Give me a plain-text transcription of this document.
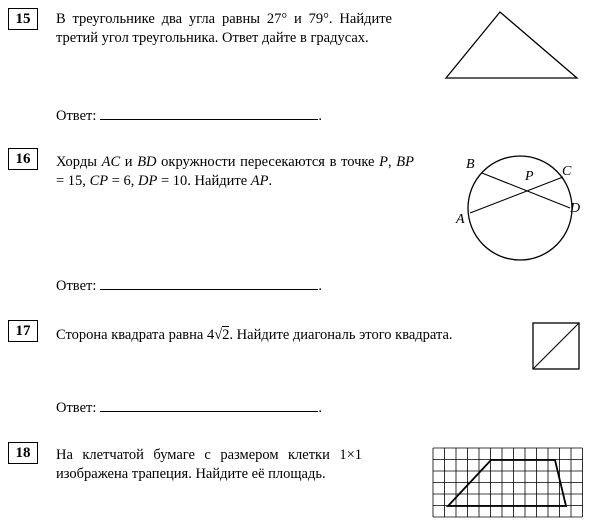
15	В треугольнике два угла равны 27° и 79°. Найдите третий угол треугольника. Ответ дайте в градусах.
Ответ:	.
16	Хорды AC и BD окружности пересекаются в точке P, BP = 15, CP = 6, DP = 10. Найдите AP.
B	C
P
D
A
Ответ:	.
17	Сторона квадрата равна 4√2. Найдите диагональ этого квадрата.
Ответ:	.
18	На клетчатой бумаге с размером клетки 1×1 изображена трапеция. Найдите её площадь.
